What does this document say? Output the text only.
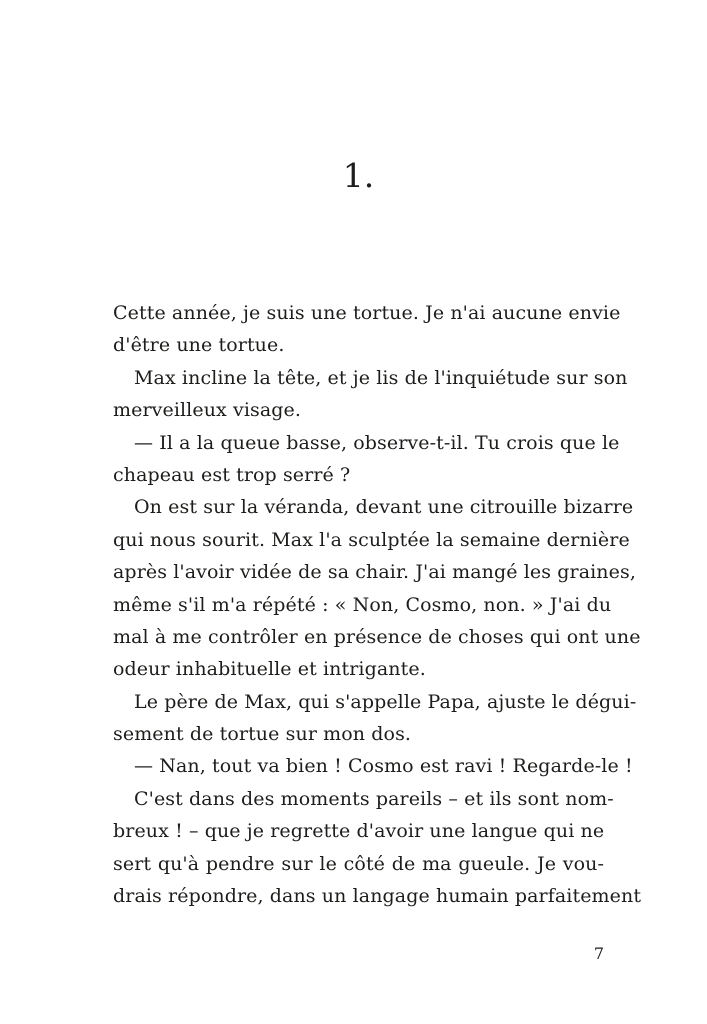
1.
Cette année, je suis une tortue. Je n'ai aucune envie
d'être une tortue.
Max incline la tête, et je lis de l'inquiétude sur son
merveilleux visage.
— Il a la queue basse, observe-t-il. Tu crois que le
chapeau est trop serré ?
On est sur la véranda, devant une citrouille bizarre
qui nous sourit. Max l'a sculptée la semaine dernière
après l'avoir vidée de sa chair. J'ai mangé les graines,
même s'il m'a répété : « Non, Cosmo, non. » J'ai du
mal à me contrôler en présence de choses qui ont une
odeur inhabituelle et intrigante.
Le père de Max, qui s'appelle Papa, ajuste le dégui-
sement de tortue sur mon dos.
— Nan, tout va bien ! Cosmo est ravi ! Regarde-le !
C'est dans des moments pareils – et ils sont nom-
breux ! – que je regrette d'avoir une langue qui ne
sert qu'à pendre sur le côté de ma gueule. Je vou-
drais répondre, dans un langage humain parfaitement
7
